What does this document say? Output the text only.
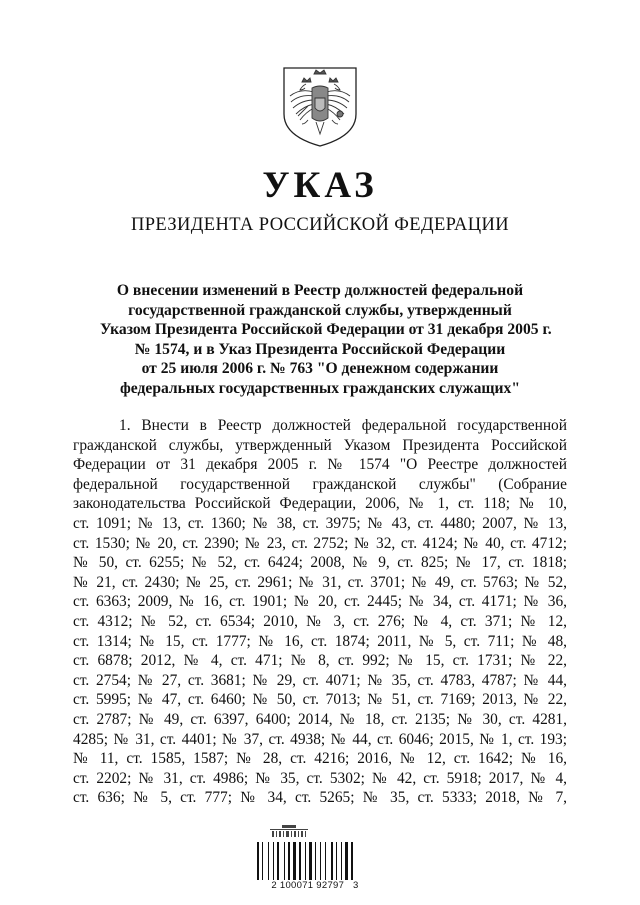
УКАЗ
ПРЕЗИДЕНТА РОССИЙСКОЙ ФЕДЕРАЦИИ
О внесении изменений в Реестр должностей федеральной
государственной гражданской службы, утвержденный
Указом Президента Российской Федерации от 31 декабря 2005 г.
№ 1574, и в Указ Президента Российской Федерации
от 25 июля 2006 г. № 763 "О денежном содержании
федеральных государственных гражданских служащих"
1. Внести в Реестр должностей федеральной государственной
гражданской службы, утвержденный Указом Президента Российской
Федерации от 31 декабря 2005 г. № 1574 "О Реестре должностей
федеральной государственной гражданской службы" (Собрание
законодательства Российской Федерации, 2006, № 1, ст. 118; № 10,
ст. 1091; № 13, ст. 1360; № 38, ст. 3975; № 43, ст. 4480; 2007, № 13,
ст. 1530; № 20, ст. 2390; № 23, ст. 2752; № 32, ст. 4124; № 40, ст. 4712;
№ 50, ст. 6255; № 52, ст. 6424; 2008, № 9, ст. 825; № 17, ст. 1818;
№ 21, ст. 2430; № 25, ст. 2961; № 31, ст. 3701; № 49, ст. 5763; № 52,
ст. 6363; 2009, № 16, ст. 1901; № 20, ст. 2445; № 34, ст. 4171; № 36,
ст. 4312; № 52, ст. 6534; 2010, № 3, ст. 276; № 4, ст. 371; № 12,
ст. 1314; № 15, ст. 1777; № 16, ст. 1874; 2011, № 5, ст. 711; № 48,
ст. 6878; 2012, № 4, ст. 471; № 8, ст. 992; № 15, ст. 1731; № 22,
ст. 2754; № 27, ст. 3681; № 29, ст. 4071; № 35, ст. 4783, 4787; № 44,
ст. 5995; № 47, ст. 6460; № 50, ст. 7013; № 51, ст. 7169; 2013, № 22,
ст. 2787; № 49, ст. 6397, 6400; 2014, № 18, ст. 2135; № 30, ст. 4281,
4285; № 31, ст. 4401; № 37, ст. 4938; № 44, ст. 6046; 2015, № 1, ст. 193;
№ 11, ст. 1585, 1587; № 28, ст. 4216; 2016, № 12, ст. 1642; № 16,
ст. 2202; № 31, ст. 4986; № 35, ст. 5302; № 42, ст. 5918; 2017, № 4,
ст. 636; № 5, ст. 777; № 34, ст. 5265; № 35, ст. 5333; 2018, № 7,
2 100071 92797   3
